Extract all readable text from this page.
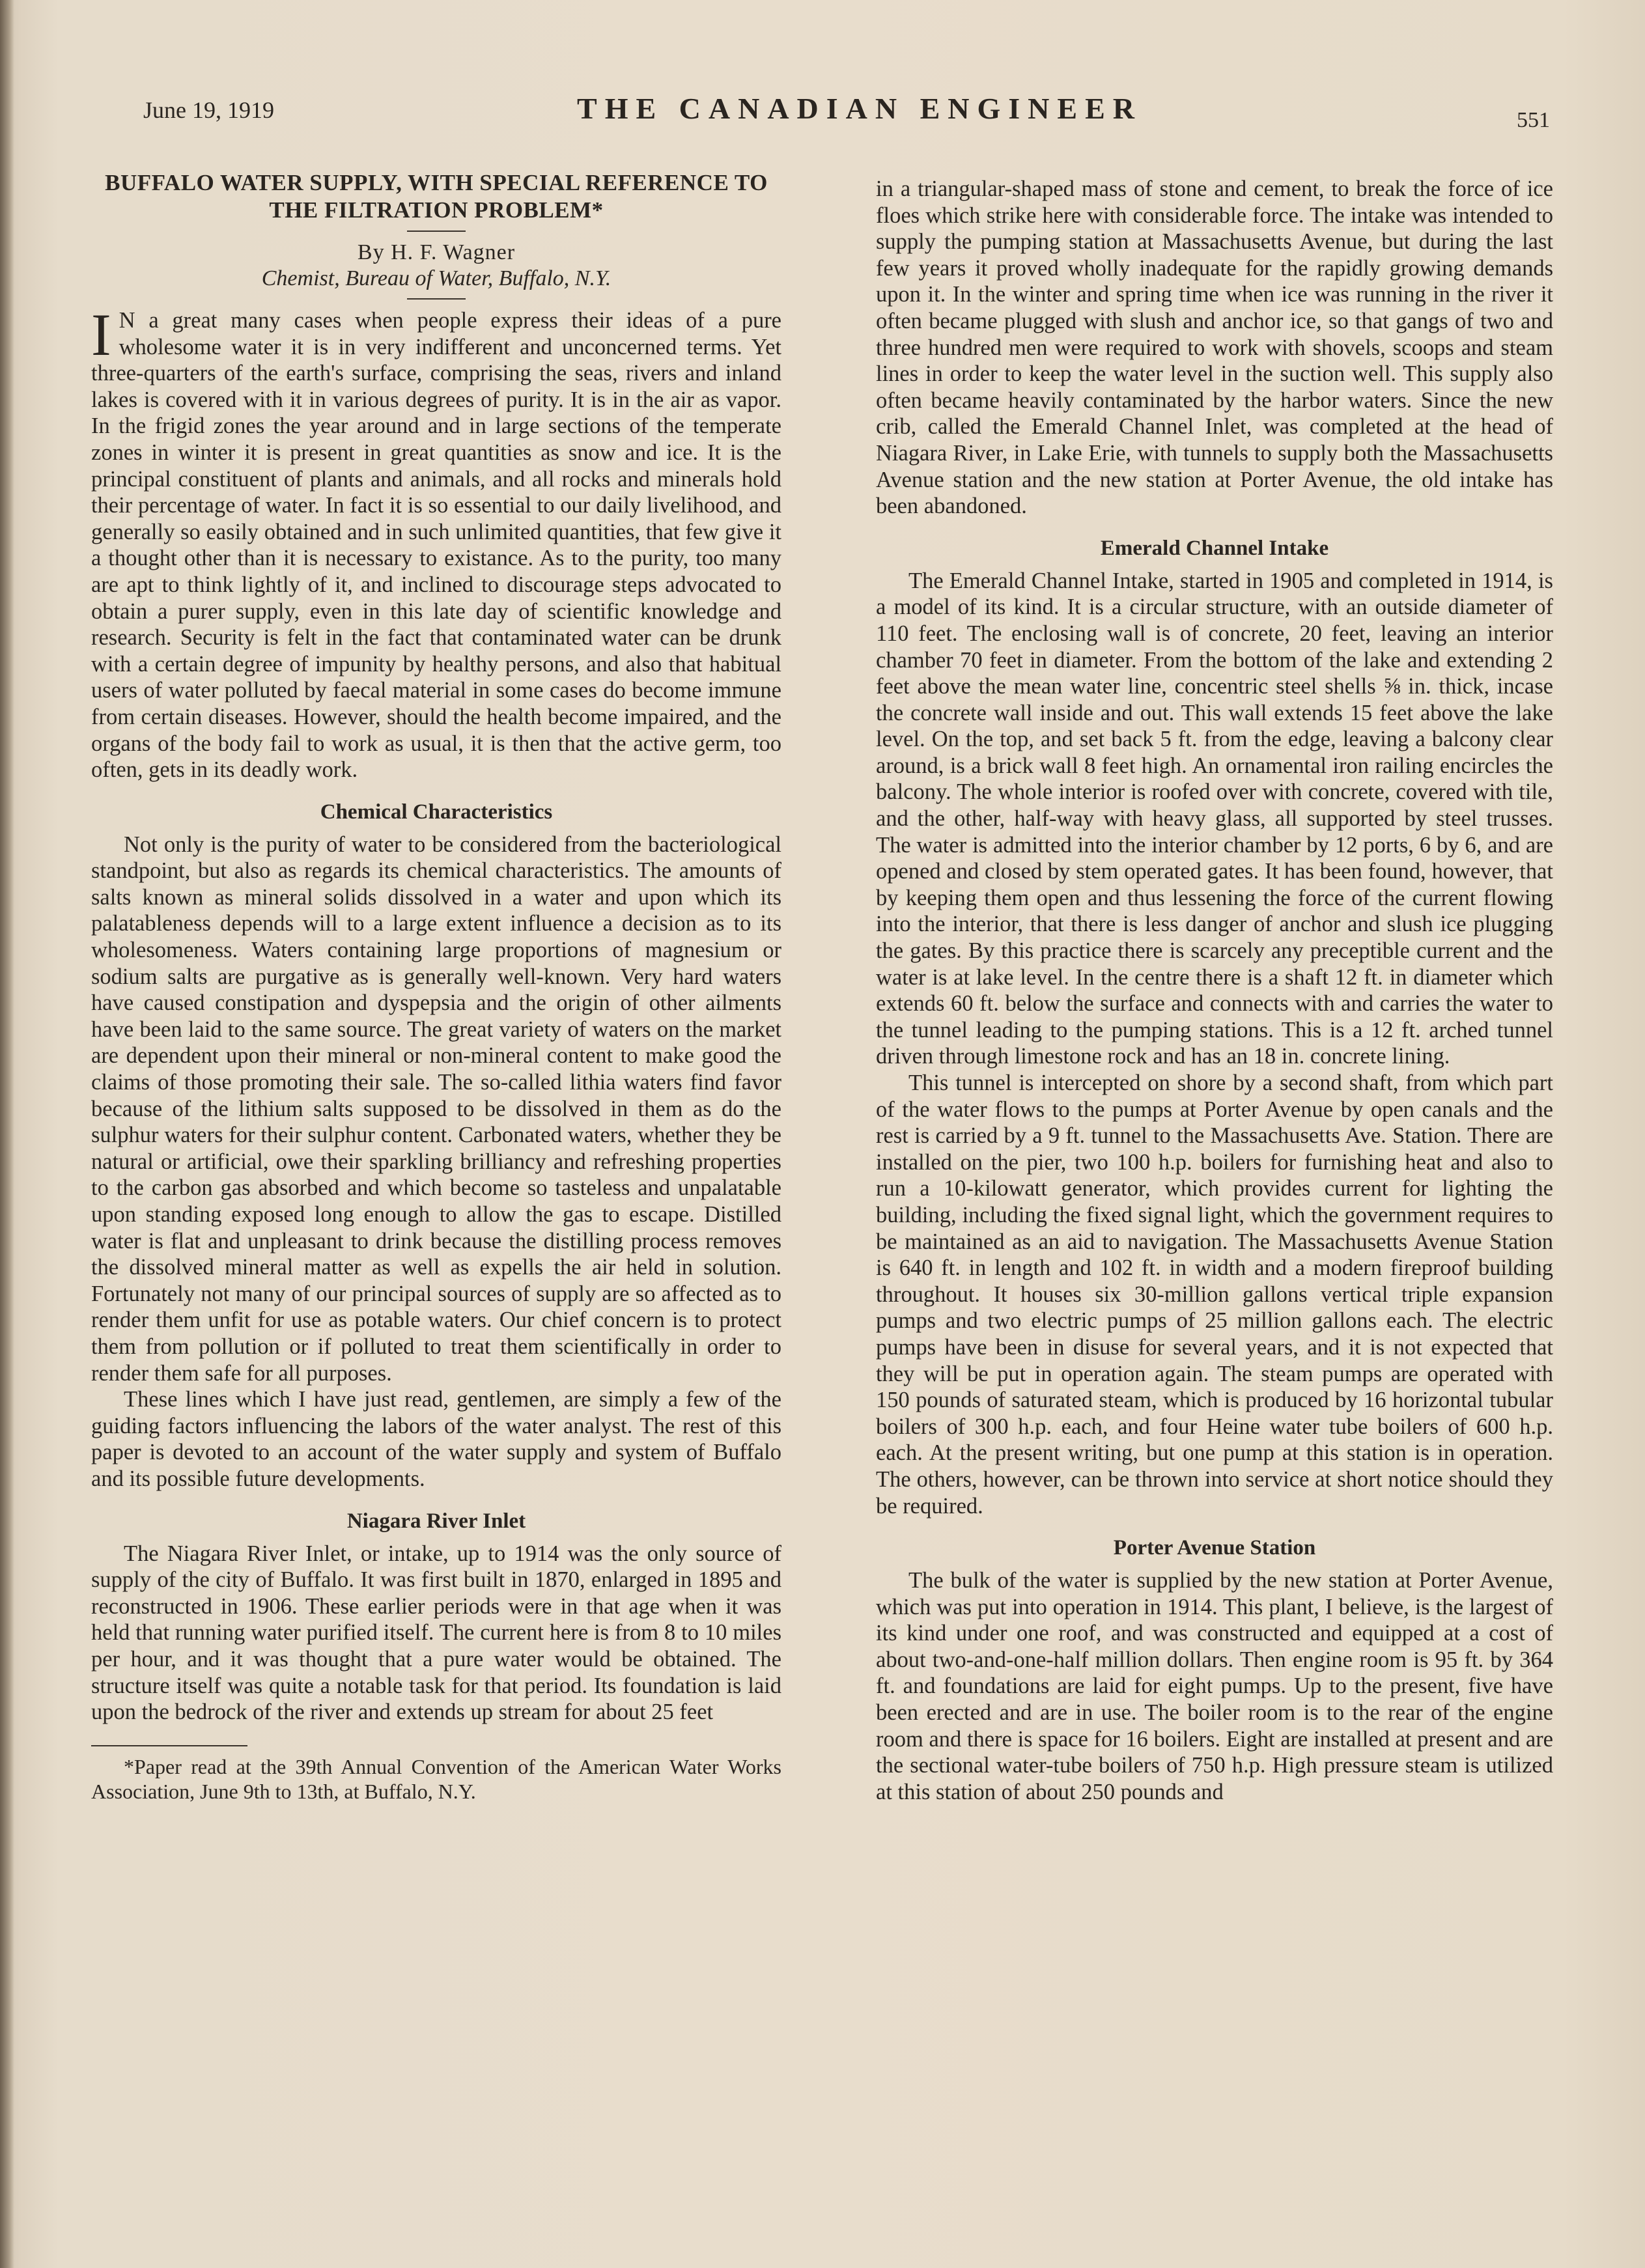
June 19, 1919	THE CANADIAN ENGINEER	551
BUFFALO WATER SUPPLY, WITH SPECIAL REFERENCE TO THE FILTRATION PROBLEM*
By H. F. Wagner
Chemist, Bureau of Water, Buffalo, N.Y.

I N a great many cases when people express their ideas of a pure wholesome water it is in very indifferent and unconcerned terms. Yet three-quarters of the earth's surface, comprising the seas, rivers and inland lakes is covered with it in various degrees of purity. It is in the air as vapor. In the frigid zones the year around and in large sections of the temperate zones in winter it is present in great quantities as snow and ice. It is the principal constituent of plants and animals, and all rocks and minerals hold their percentage of water. In fact it is so essential to our daily livelihood, and generally so easily obtained and in such unlimited quantities, that few give it a thought other than it is necessary to existance. As to the purity, too many are apt to think lightly of it, and inclined to discourage steps advocated to obtain a purer supply, even in this late day of scientific knowledge and research. Security is felt in the fact that contaminated water can be drunk with a certain degree of impunity by healthy persons, and also that habitual users of water polluted by faecal material in some cases do become immune from certain diseases. However, should the health become impaired, and the organs of the body fail to work as usual, it is then that the active germ, too often, gets in its deadly work.

Chemical Characteristics

Not only is the purity of water to be considered from the bacteriological standpoint, but also as regards its chemical characteristics. The amounts of salts known as mineral solids dissolved in a water and upon which its palatableness depends will to a large extent influence a decision as to its wholesomeness. Waters containing large proportions of magnesium or sodium salts are purgative as is generally well-known. Very hard waters have caused constipation and dyspepsia and the origin of other ailments have been laid to the same source. The great variety of waters on the market are dependent upon their mineral or non-mineral content to make good the claims of those promoting their sale. The so-called lithia waters find favor because of the lithium salts supposed to be dissolved in them as do the sulphur waters for their sulphur content. Carbonated waters, whether they be natural or artificial, owe their sparkling brilliancy and refreshing properties to the carbon gas absorbed and which become so tasteless and unpalatable upon standing exposed long enough to allow the gas to escape. Distilled water is flat and unpleasant to drink because the distilling process removes the dissolved mineral matter as well as expells the air held in solution. Fortunately not many of our principal sources of supply are so affected as to render them unfit for use as potable waters. Our chief concern is to protect them from pollution or if polluted to treat them scientifically in order to render them safe for all purposes.

These lines which I have just read, gentlemen, are simply a few of the guiding factors influencing the labors of the water analyst. The rest of this paper is devoted to an account of the water supply and system of Buffalo and its possible future developments.

Niagara River Inlet

The Niagara River Inlet, or intake, up to 1914 was the only source of supply of the city of Buffalo. It was first built in 1870, enlarged in 1895 and reconstructed in 1906. These earlier periods were in that age when it was held that running water purified itself. The current here is from 8 to 10 miles per hour, and it was thought that a pure water would be obtained. The structure itself was quite a notable task for that period. Its foundation is laid upon the bedrock of the river and extends up stream for about 25 feet

*Paper read at the 39th Annual Convention of the American Water Works Association, June 9th to 13th, at Buffalo, N.Y.

in a triangular-shaped mass of stone and cement, to break the force of ice floes which strike here with considerable force. The intake was intended to supply the pumping station at Massachusetts Avenue, but during the last few years it proved wholly inadequate for the rapidly growing demands upon it. In the winter and spring time when ice was running in the river it often became plugged with slush and anchor ice, so that gangs of two and three hundred men were required to work with shovels, scoops and steam lines in order to keep the water level in the suction well. This supply also often became heavily contaminated by the harbor waters. Since the new crib, called the Emerald Channel Inlet, was completed at the head of Niagara River, in Lake Erie, with tunnels to supply both the Massachusetts Avenue station and the new station at Porter Avenue, the old intake has been abandoned.

Emerald Channel Intake

The Emerald Channel Intake, started in 1905 and completed in 1914, is a model of its kind. It is a circular structure, with an outside diameter of 110 feet. The enclosing wall is of concrete, 20 feet, leaving an interior chamber 70 feet in diameter. From the bottom of the lake and extending 2 feet above the mean water line, concentric steel shells ⅝ in. thick, incase the concrete wall inside and out. This wall extends 15 feet above the lake level. On the top, and set back 5 ft. from the edge, leaving a balcony clear around, is a brick wall 8 feet high. An ornamental iron railing encircles the balcony. The whole interior is roofed over with concrete, covered with tile, and the other, half-way with heavy glass, all supported by steel trusses. The water is admitted into the interior chamber by 12 ports, 6 by 6, and are opened and closed by stem operated gates. It has been found, however, that by keeping them open and thus lessening the force of the current flowing into the interior, that there is less danger of anchor and slush ice plugging the gates. By this practice there is scarcely any preceptible current and the water is at lake level. In the centre there is a shaft 12 ft. in diameter which extends 60 ft. below the surface and connects with and carries the water to the tunnel leading to the pumping stations. This is a 12 ft. arched tunnel driven through limestone rock and has an 18 in. concrete lining.

This tunnel is intercepted on shore by a second shaft, from which part of the water flows to the pumps at Porter Avenue by open canals and the rest is carried by a 9 ft. tunnel to the Massachusetts Ave. Station. There are installed on the pier, two 100 h.p. boilers for furnishing heat and also to run a 10-kilowatt generator, which provides current for lighting the building, including the fixed signal light, which the government requires to be maintained as an aid to navigation. The Massachusetts Avenue Station is 640 ft. in length and 102 ft. in width and a modern fireproof building throughout. It houses six 30-million gallons vertical triple expansion pumps and two electric pumps of 25 million gallons each. The electric pumps have been in disuse for several years, and it is not expected that they will be put in operation again. The steam pumps are operated with 150 pounds of saturated steam, which is produced by 16 horizontal tubular boilers of 300 h.p. each, and four Heine water tube boilers of 600 h.p. each. At the present writing, but one pump at this station is in operation. The others, however, can be thrown into service at short notice should they be required.

Porter Avenue Station

The bulk of the water is supplied by the new station at Porter Avenue, which was put into operation in 1914. This plant, I believe, is the largest of its kind under one roof, and was constructed and equipped at a cost of about two-and-one-half million dollars. Then engine room is 95 ft. by 364 ft. and foundations are laid for eight pumps. Up to the present, five have been erected and are in use. The boiler room is to the rear of the engine room and there is space for 16 boilers. Eight are installed at present and are the sectional water-tube boilers of 750 h.p. High pressure steam is utilized at this station of about 250 pounds and
